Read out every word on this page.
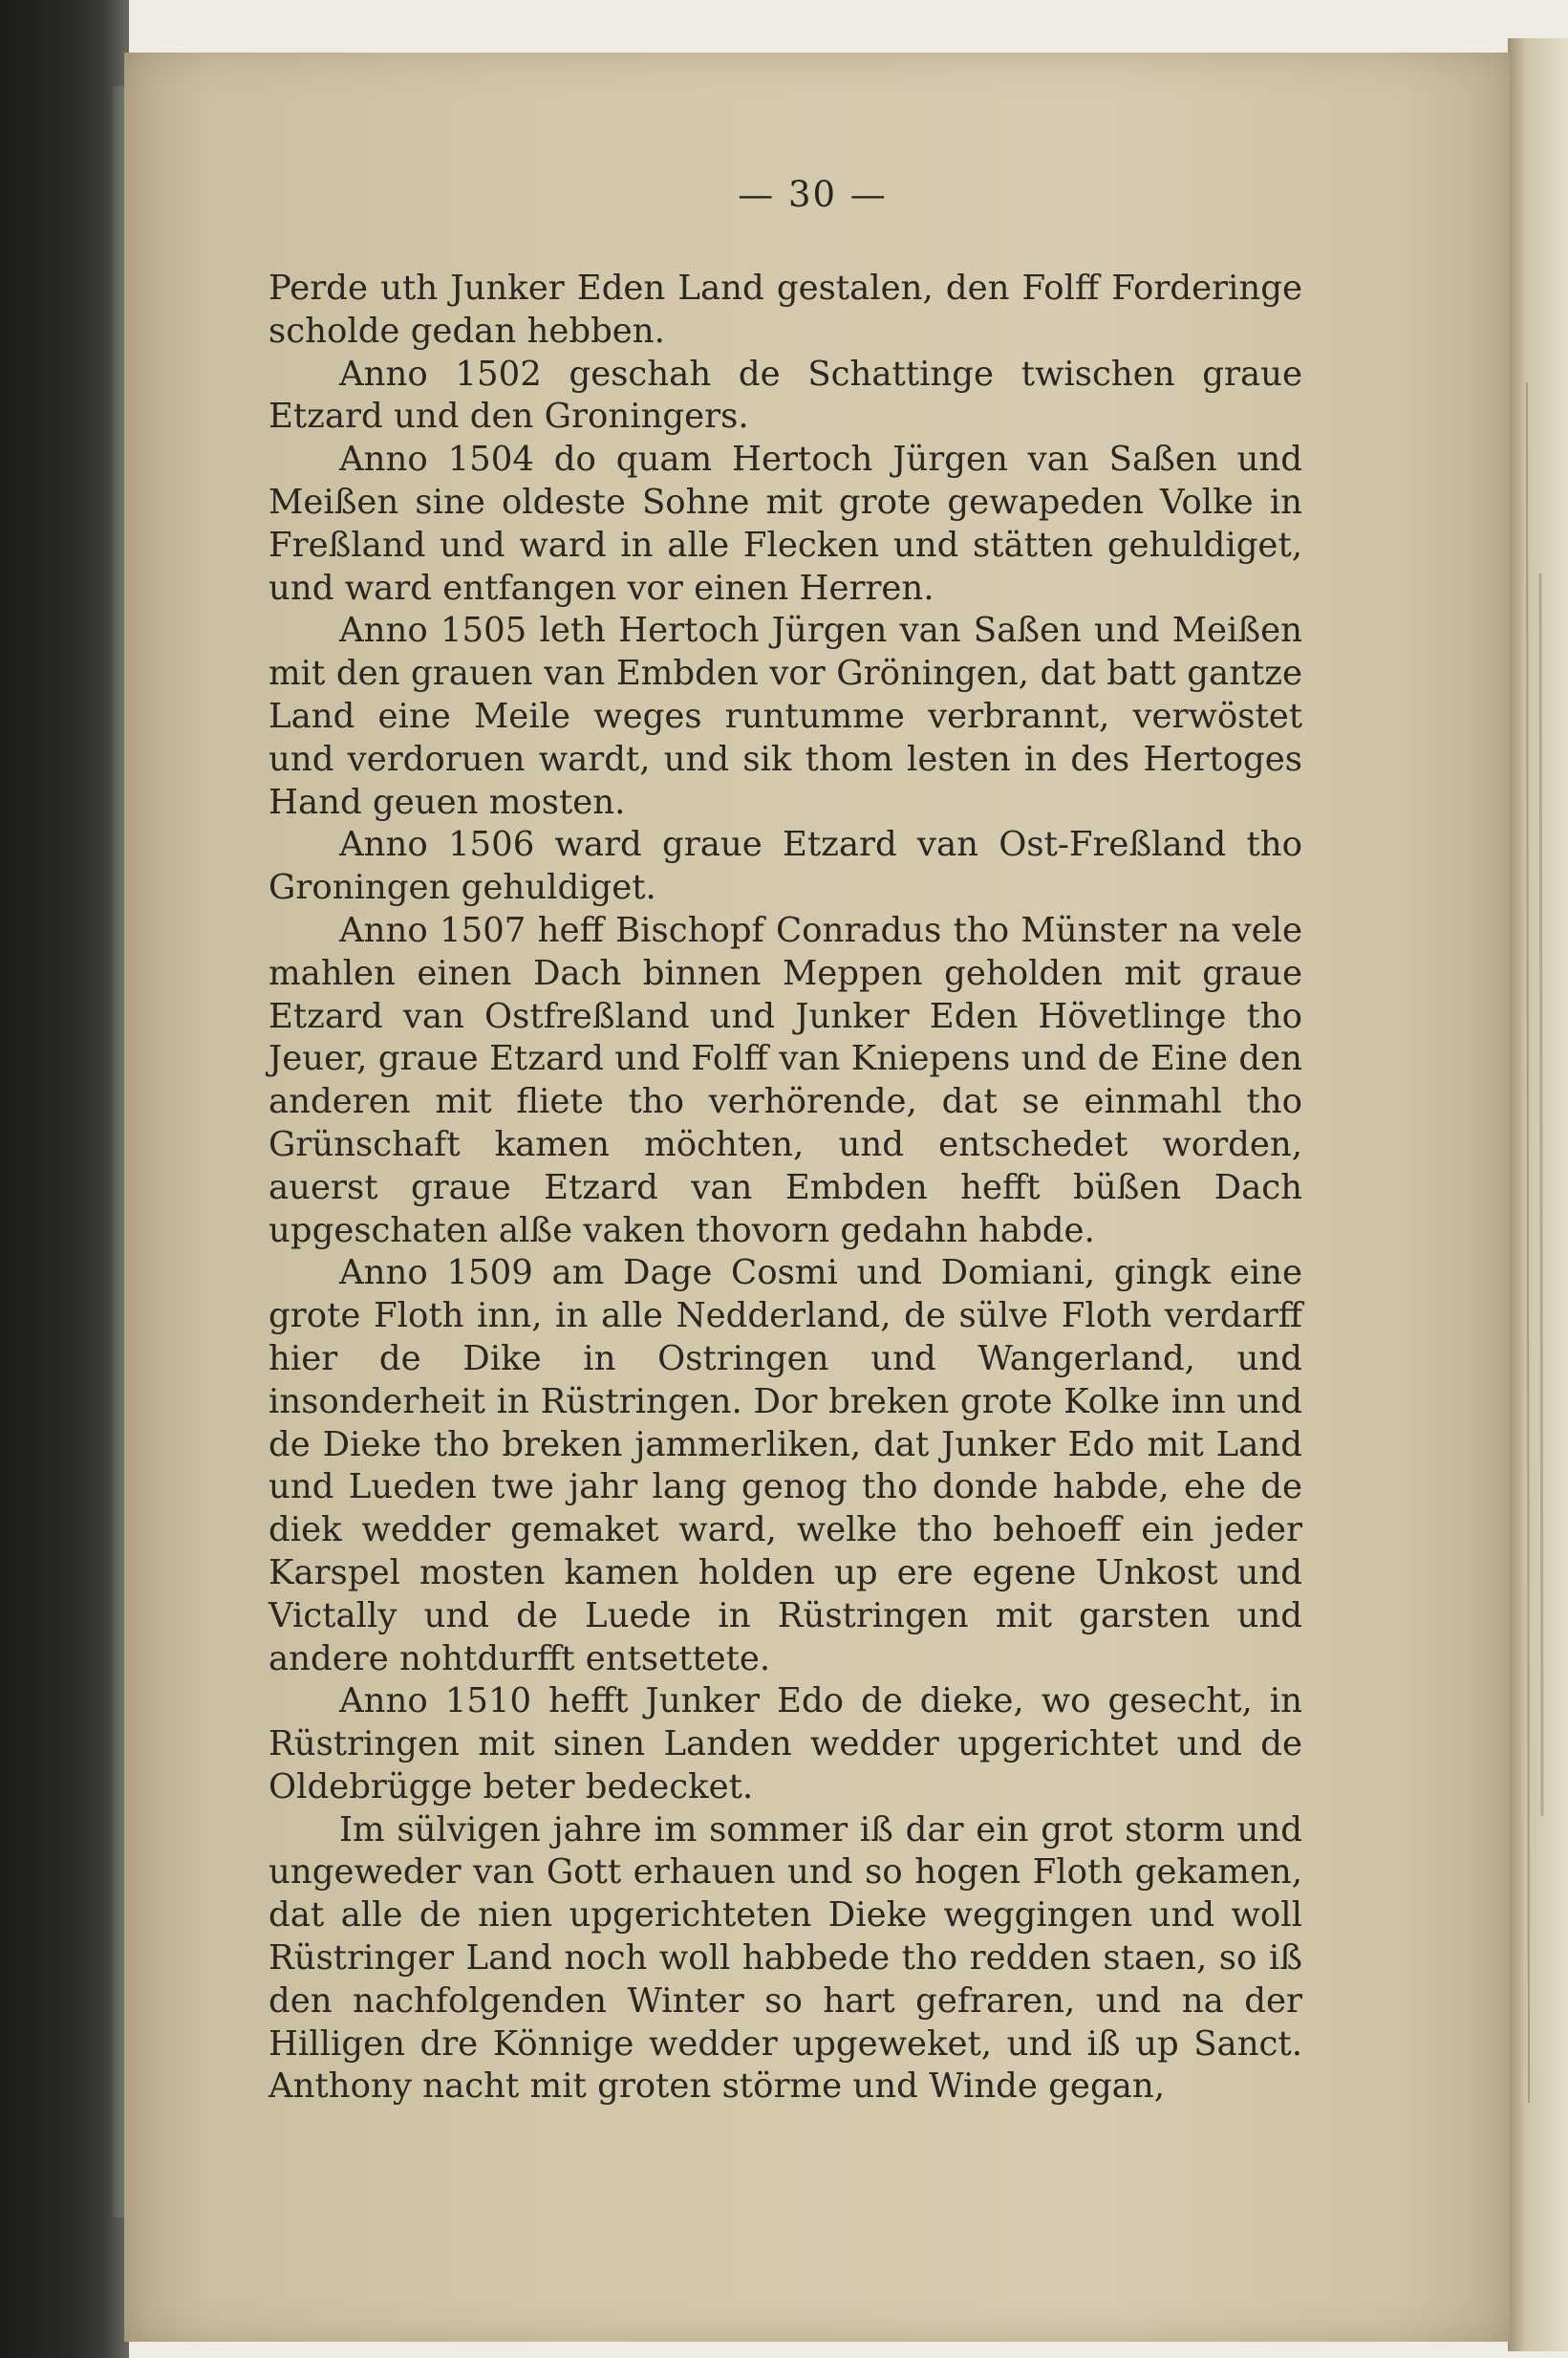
— 30 —

Perde uth Junker Eden Land gestalen, den Folff Forderinge scholde gedan hebben.

Anno 1502 geschah de Schattinge twischen graue Etzard und den Groningers.

Anno 1504 do quam Hertoch Jürgen van Saßen und Meißen sine oldeste Sohne mit grote gewapeden Volke in Freßland und ward in alle Flecken und stätten gehuldiget, und ward entfangen vor einen Herren.

Anno 1505 leth Hertoch Jürgen van Saßen und Meißen mit den grauen van Embden vor Gröningen, dat batt gantze Land eine Meile weges runtumme verbrannt, verwöstet und verdoruen wardt, und sik thom lesten in des Hertoges Hand geuen mosten.

Anno 1506 ward graue Etzard van Ost-Freßland tho Groningen gehuldiget.

Anno 1507 heff Bischopf Conradus tho Münster na vele mahlen einen Dach binnen Meppen geholden mit graue Etzard van Ostfreßland und Junker Eden Hövetlinge tho Jeuer, graue Etzard und Folff van Kniepens und de Eine den anderen mit fliete tho verhörende, dat se einmahl tho Grünschaft kamen möchten, und entschedet worden, auerst graue Etzard van Embden hefft büßen Dach upgeschaten alße vaken thovorn gedahn habde.

Anno 1509 am Dage Cosmi und Domiani, gingk eine grote Floth inn, in alle Nedderland, de sülve Floth verdarff hier de Dike in Ostringen und Wangerland, und insonderheit in Rüstringen. Dor breken grote Kolke inn und de Dieke tho breken jammerliken, dat Junker Edo mit Land und Lueden twe jahr lang genog tho donde habde, ehe de diek wedder gemaket ward, welke tho behoeff ein jeder Karspel mosten kamen holden up ere egene Unkost und Victally und de Luede in Rüstringen mit garsten und andere nohtdurfft entsettete.

Anno 1510 hefft Junker Edo de dieke, wo gesecht, in Rüstringen mit sinen Landen wedder upgerichtet und de Oldebrügge beter bedecket.

Im sülvigen jahre im sommer iß dar ein grot storm und ungeweder van Gott erhauen und so hogen Floth gekamen, dat alle de nien upgerichteten Dieke weggingen und woll Rüstringer Land noch woll habbede tho redden staen, so iß den nachfolgenden Winter so hart gefraren, und na der Hilligen dre Könnige wedder upgeweket, und iß up Sanct. Anthony nacht mit groten störme und Winde gegan,
